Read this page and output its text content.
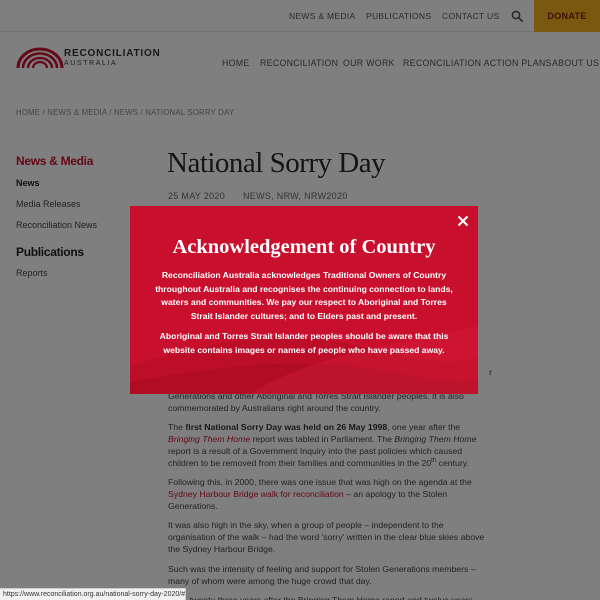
Acknowledgement of Country
Reconciliation Australia acknowledges Traditional Owners of Country throughout Australia and recognises the continuing connection to lands, waters and communities. We pay our respect to Aboriginal and Torres Strait Islander cultures; and to Elders past and present.
Aboriginal and Torres Strait Islander peoples should be aware that this website contains images or names of people who have passed away.
https://www.reconciliation.org.au/national-sorry-day-2020/#
